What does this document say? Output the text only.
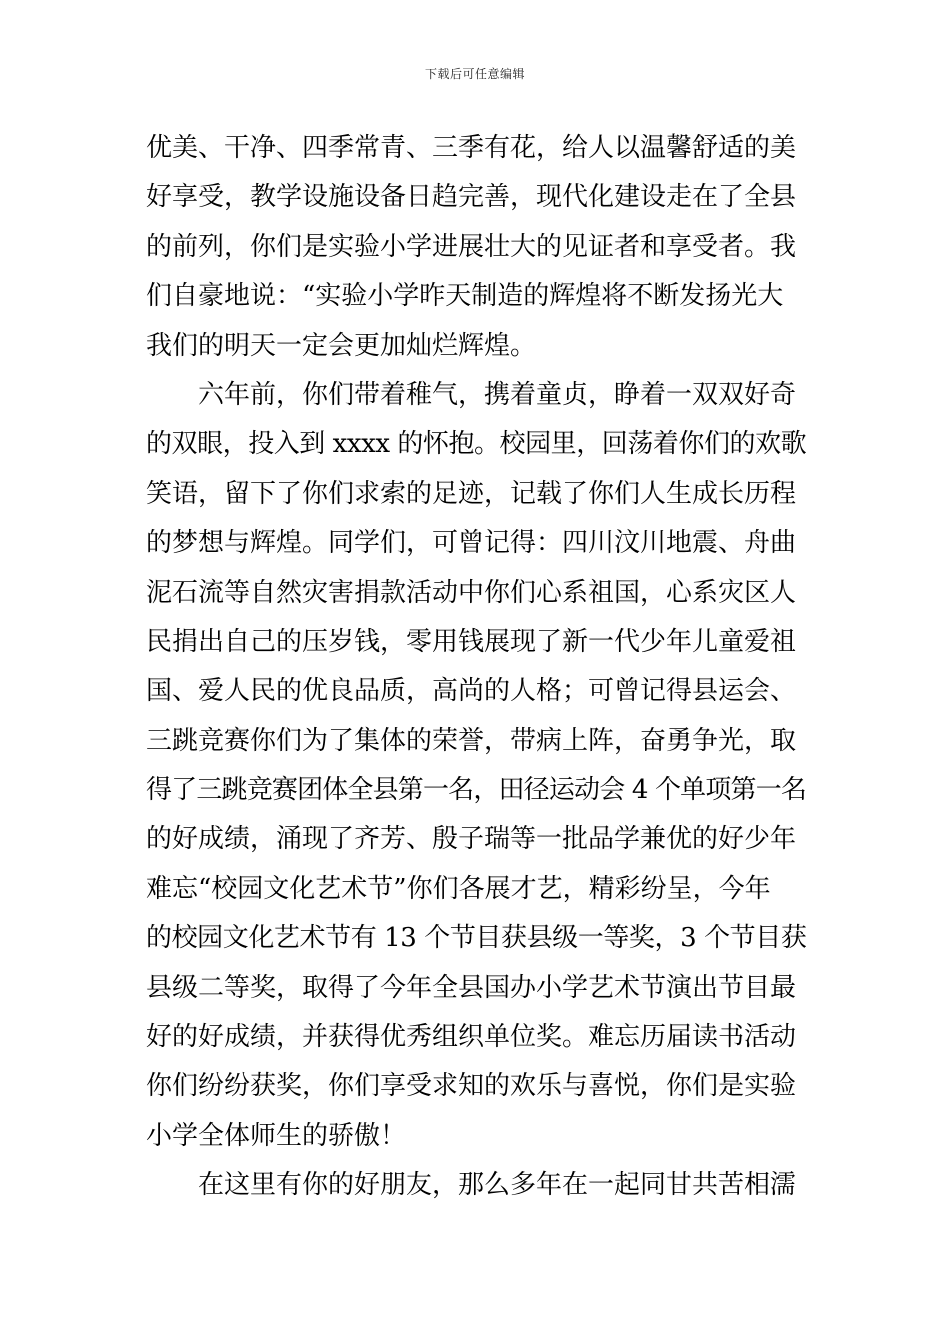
下载后可任意编辑
优美、干净、四季常青、三季有花，给人以温馨舒适的美
好享受，教学设施设备日趋完善，现代化建设走在了全县
的前列，你们是实验小学进展壮大的见证者和享受者。我
们自豪地说：“实验小学昨天制造的辉煌将不断发扬光大
我们的明天一定会更加灿烂辉煌。
六年前，你们带着稚气，携着童贞，睁着一双双好奇
的双眼，投入到 xxxx 的怀抱。校园里，回荡着你们的欢歌
笑语，留下了你们求索的足迹，记载了你们人生成长历程
的梦想与辉煌。同学们，可曾记得：四川汶川地震、舟曲
泥石流等自然灾害捐款活动中你们心系祖国，心系灾区人
民捐出自己的压岁钱，零用钱展现了新一代少年儿童爱祖
国、爱人民的优良品质，高尚的人格；可曾记得县运会、
三跳竞赛你们为了集体的荣誉，带病上阵，奋勇争光，取
得了三跳竞赛团体全县第一名，田径运动会 4 个单项第一名
的好成绩，涌现了齐芳、殷子瑞等一批品学兼优的好少年
难忘“校园文化艺术节”你们各展才艺，精彩纷呈，今年
的校园文化艺术节有 13 个节目获县级一等奖，3 个节目获
县级二等奖，取得了今年全县国办小学艺术节演出节目最
好的好成绩，并获得优秀组织单位奖。难忘历届读书活动
你们纷纷获奖，你们享受求知的欢乐与喜悦，你们是实验
小学全体师生的骄傲！
在这里有你的好朋友，那么多年在一起同甘共苦相濡
